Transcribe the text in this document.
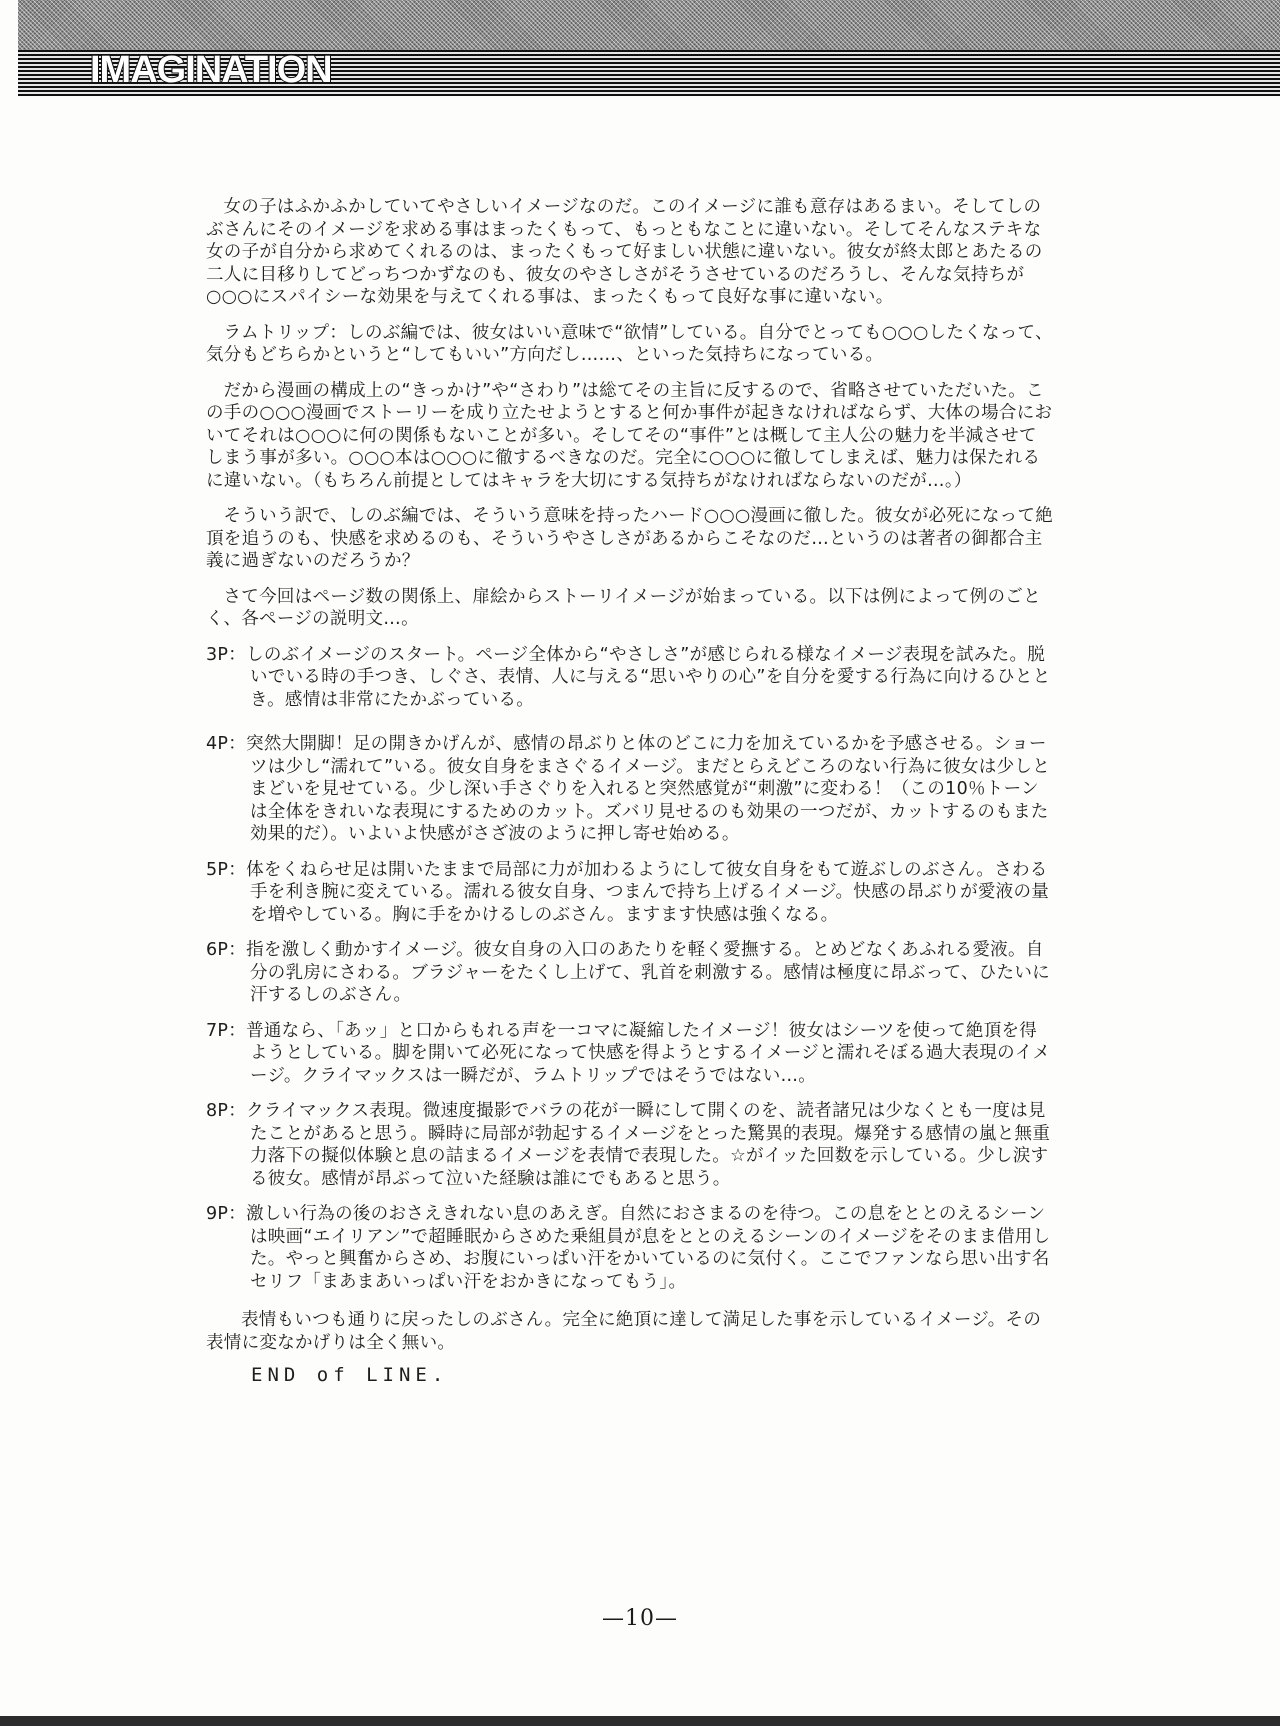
IMAGINATION

女の子はふかふかしていてやさしいイメージなのだ。このイメージに誰も意存はあるまい。そしてしのぶさんにそのイメージを求める事はまったくもって、もっともなことに違いない。そしてそんなステキな女の子が自分から求めてくれるのは、まったくもって好ましい状態に違いない。彼女が終太郎とあたるの二人に目移りしてどっちつかずなのも、彼女のやさしさがそうさせているのだろうし、そんな気持ちが○○○にスパイシーな効果を与えてくれる事は、まったくもって良好な事に違いない。

ラムトリップ：しのぶ編では、彼女はいい意味で“欲情”している。自分でとっても○○○したくなって、気分もどちらかというと“してもいい”方向だし……、といった気持ちになっている。

だから漫画の構成上の“きっかけ”や“さわり”は総てその主旨に反するので、省略させていただいた。この手の○○○漫画でストーリーを成り立たせようとすると何か事件が起きなければならず、大体の場合においてそれは○○○に何の関係もないことが多い。そしてその“事件”とは概して主人公の魅力を半減させてしまう事が多い。○○○本は○○○に徹するべきなのだ。完全に○○○に徹してしまえば、魅力は保たれるに違いない。（もちろん前提としてはキャラを大切にする気持ちがなければならないのだが…。）

そういう訳で、しのぶ編では、そういう意味を持ったハード○○○漫画に徹した。彼女が必死になって絶頂を追うのも、快感を求めるのも、そういうやさしさがあるからこそなのだ…というのは著者の御都合主義に過ぎないのだろうか？

さて今回はページ数の関係上、扉絵からストーリイメージが始まっている。以下は例によって例のごとく、各ページの説明文…。

3P：しのぶイメージのスタート。ページ全体から“やさしさ”が感じられる様なイメージ表現を試みた。脱いでいる時の手つき、しぐさ、表情、人に与える“思いやりの心”を自分を愛する行為に向けるひととき。感情は非常にたかぶっている。

4P：突然大開脚！足の開きかげんが、感情の昂ぶりと体のどこに力を加えているかを予感させる。ショーツは少し“濡れて”いる。彼女自身をまさぐるイメージ。まだとらえどころのない行為に彼女は少しとまどいを見せている。少し深い手さぐりを入れると突然感覚が“刺激”に変わる！（この10％トーンは全体をきれいな表現にするためのカット。ズバリ見せるのも効果の一つだが、カットするのもまた効果的だ）。いよいよ快感がさざ波のように押し寄せ始める。

5P：体をくねらせ足は開いたままで局部に力が加わるようにして彼女自身をもて遊ぶしのぶさん。さわる手を利き腕に変えている。濡れる彼女自身、つまんで持ち上げるイメージ。快感の昂ぶりが愛液の量を増やしている。胸に手をかけるしのぶさん。ますます快感は強くなる。

6P：指を激しく動かすイメージ。彼女自身の入口のあたりを軽く愛撫する。とめどなくあふれる愛液。自分の乳房にさわる。ブラジャーをたくし上げて、乳首を刺激する。感情は極度に昂ぶって、ひたいに汗するしのぶさん。

7P：普通なら、「あッ」と口からもれる声を一コマに凝縮したイメージ！彼女はシーツを使って絶頂を得ようとしている。脚を開いて必死になって快感を得ようとするイメージと濡れそぼる過大表現のイメージ。クライマックスは一瞬だが、ラムトリップではそうではない…。

8P：クライマックス表現。微速度撮影でバラの花が一瞬にして開くのを、読者諸兄は少なくとも一度は見たことがあると思う。瞬時に局部が勃起するイメージをとった驚異的表現。爆発する感情の嵐と無重力落下の擬似体験と息の詰まるイメージを表情で表現した。☆がイッた回数を示している。少し涙する彼女。感情が昂ぶって泣いた経験は誰にでもあると思う。

9P：激しい行為の後のおさえきれない息のあえぎ。自然におさまるのを待つ。この息をととのえるシーンは映画“エイリアン”で超睡眠からさめた乗組員が息をととのえるシーンのイメージをそのまま借用した。やっと興奮からさめ、お腹にいっぱい汗をかいているのに気付く。ここでファンなら思い出す名セリフ「まあまあいっぱい汗をおかきになってもう」。

表情もいつも通りに戻ったしのぶさん。完全に絶頂に達して満足した事を示しているイメージ。その表情に変なかげりは全く無い。

END of LINE.
—10—
